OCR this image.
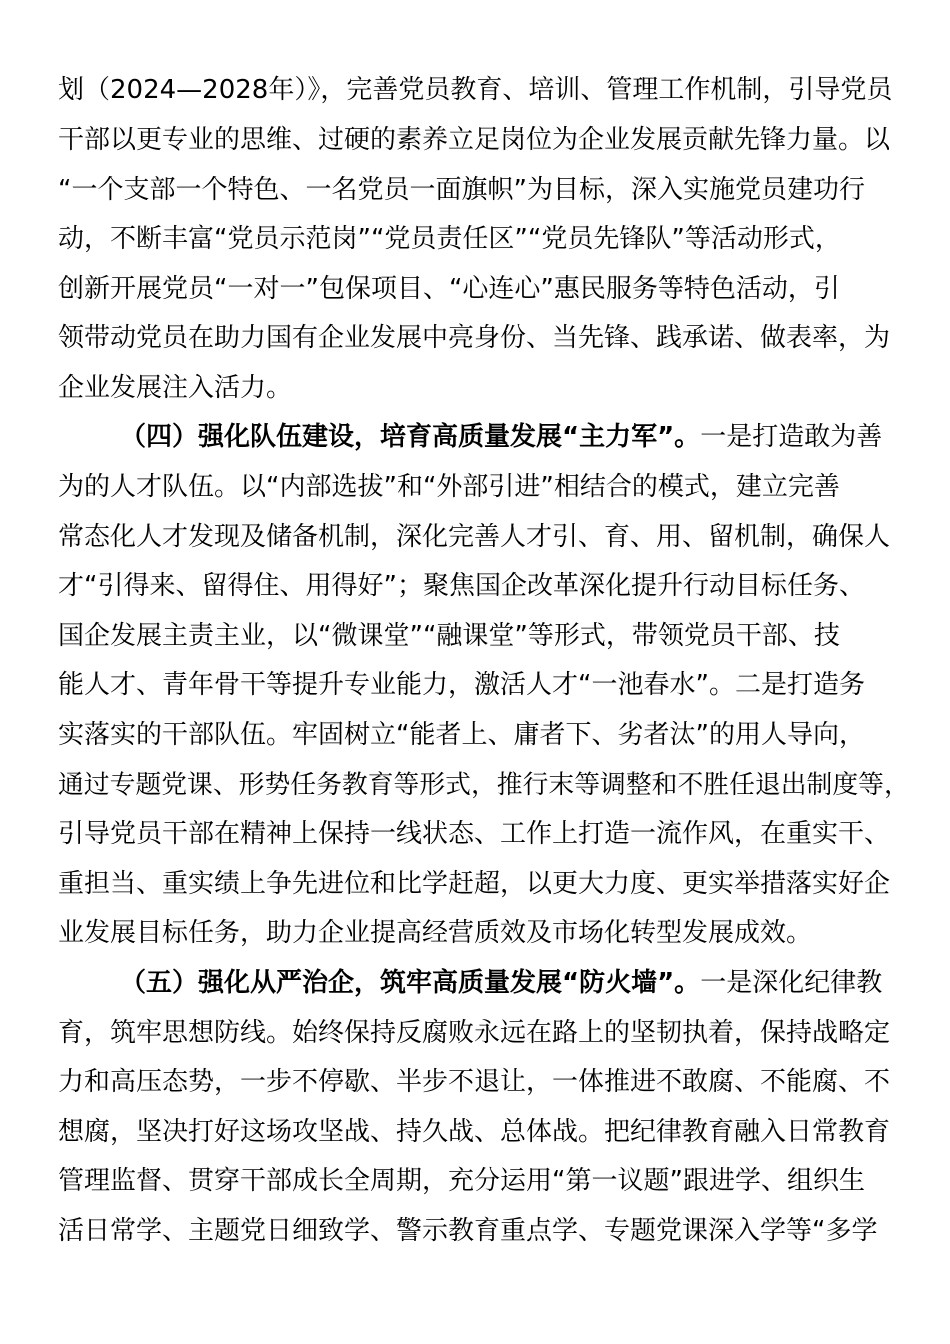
划（2024—2028年）》，完善党员教育、培训、管理工作机制，引导党员
干部以更专业的思维、过硬的素养立足岗位为企业发展贡献先锋力量。以
“一个支部一个特色、一名党员一面旗帜”为目标，深入实施党员建功行
动，不断丰富“党员示范岗”“党员责任区”“党员先锋队”等活动形式，
创新开展党员“一对一”包保项目、“心连心”惠民服务等特色活动，引
领带动党员在助力国有企业发展中亮身份、当先锋、践承诺、做表率，为
企业发展注入活力。
（四）强化队伍建设，培育高质量发展“主力军”。一是打造敢为善
为的人才队伍。以“内部选拔”和“外部引进”相结合的模式，建立完善
常态化人才发现及储备机制，深化完善人才引、育、用、留机制，确保人
才“引得来、留得住、用得好”；聚焦国企改革深化提升行动目标任务、
国企发展主责主业，以“微课堂”“融课堂”等形式，带领党员干部、技
能人才、青年骨干等提升专业能力，激活人才“一池春水”。二是打造务
实落实的干部队伍。牢固树立“能者上、庸者下、劣者汰”的用人导向，
通过专题党课、形势任务教育等形式，推行末等调整和不胜任退出制度等，
引导党员干部在精神上保持一线状态、工作上打造一流作风，在重实干、
重担当、重实绩上争先进位和比学赶超，以更大力度、更实举措落实好企
业发展目标任务，助力企业提高经营质效及市场化转型发展成效。
（五）强化从严治企，筑牢高质量发展“防火墙”。一是深化纪律教
育，筑牢思想防线。始终保持反腐败永远在路上的坚韧执着，保持战略定
力和高压态势，一步不停歇、半步不退让，一体推进不敢腐、不能腐、不
想腐，坚决打好这场攻坚战、持久战、总体战。把纪律教育融入日常教育
管理监督、贯穿干部成长全周期，充分运用“第一议题”跟进学、组织生
活日常学、主题党日细致学、警示教育重点学、专题党课深入学等“多学
